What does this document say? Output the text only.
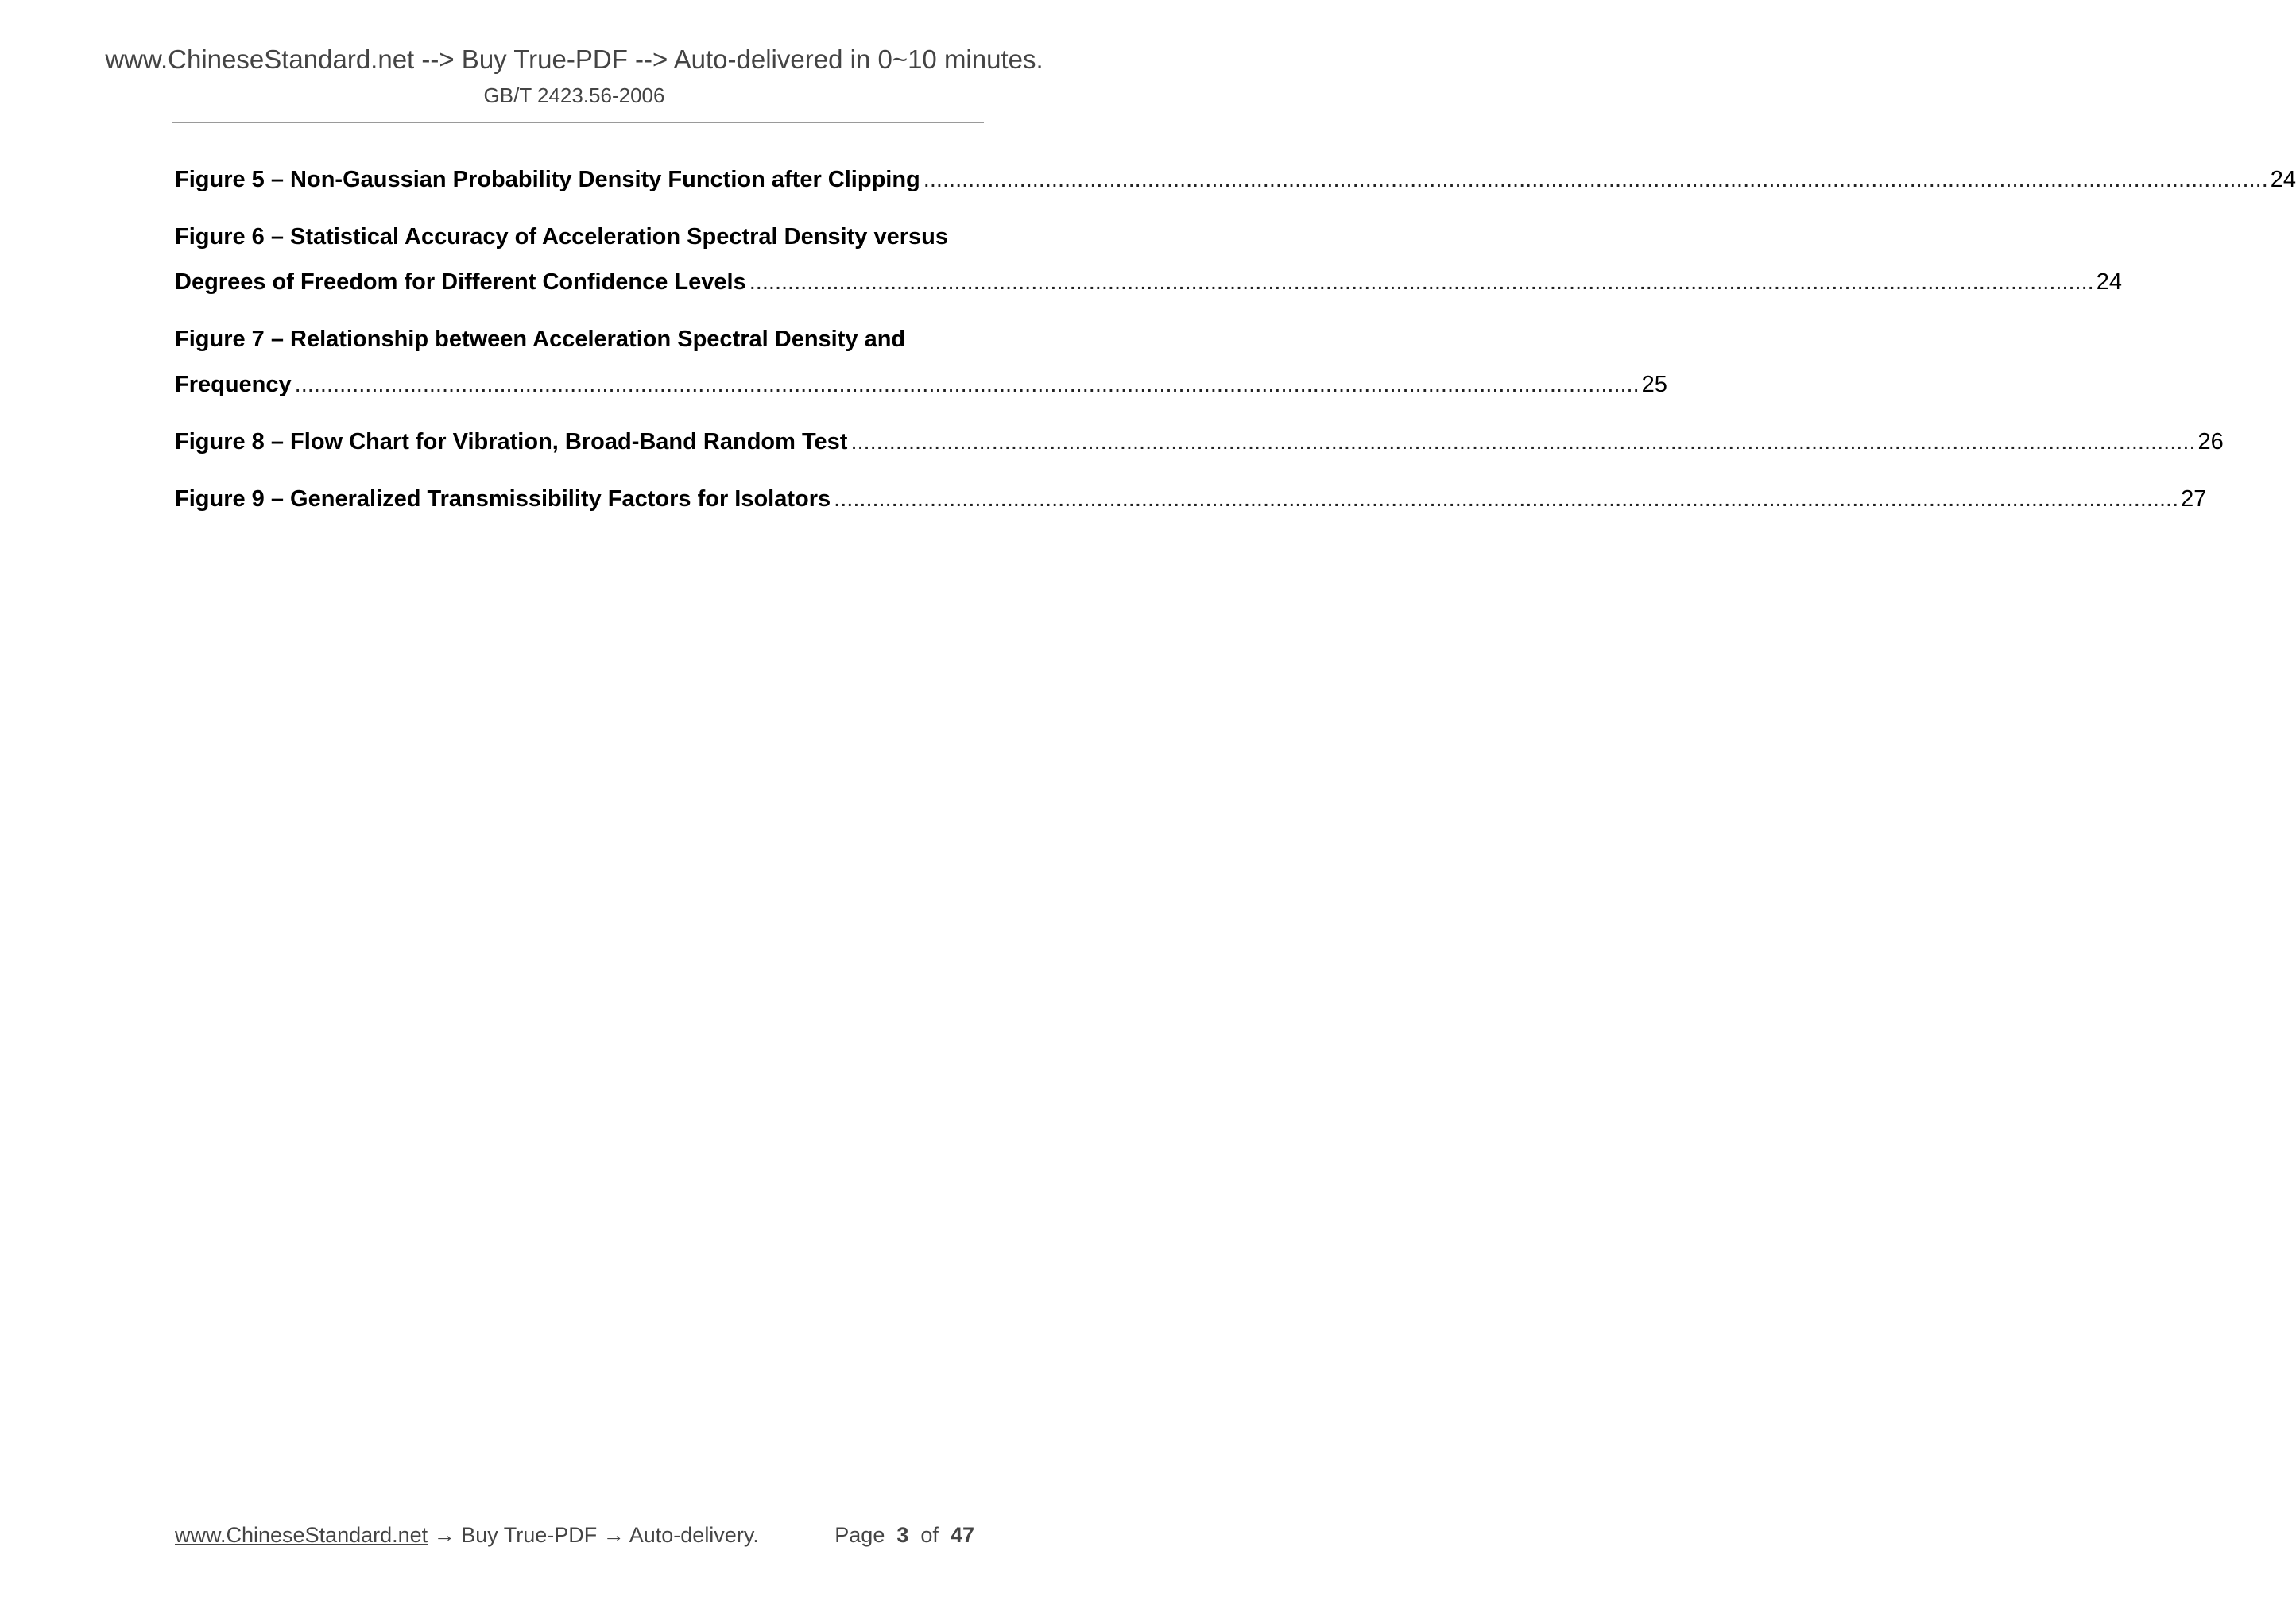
www.ChineseStandard.net --> Buy True-PDF --> Auto-delivered in 0~10 minutes.
GB/T 2423.56-2006
Figure 5 – Non-Gaussian Probability Density Function after Clipping .................................................................................................................................................................................................................. 24
Figure 6 – Statistical Accuracy of Acceleration Spectral Density versus
Degrees of Freedom for Different Confidence Levels .................................................................................................................................................................................................................. 24
Figure 7 – Relationship between Acceleration Spectral Density and
Frequency .................................................................................................................................................................................................................. 25
Figure 8 – Flow Chart for Vibration, Broad-Band Random Test .................................................................................................................................................................................................................. 26
Figure 9 – Generalized Transmissibility Factors for Isolators .................................................................................................................................................................................................................. 27
www.ChineseStandard.net → Buy True-PDF → Auto-delivery.	Page 3 of 47
